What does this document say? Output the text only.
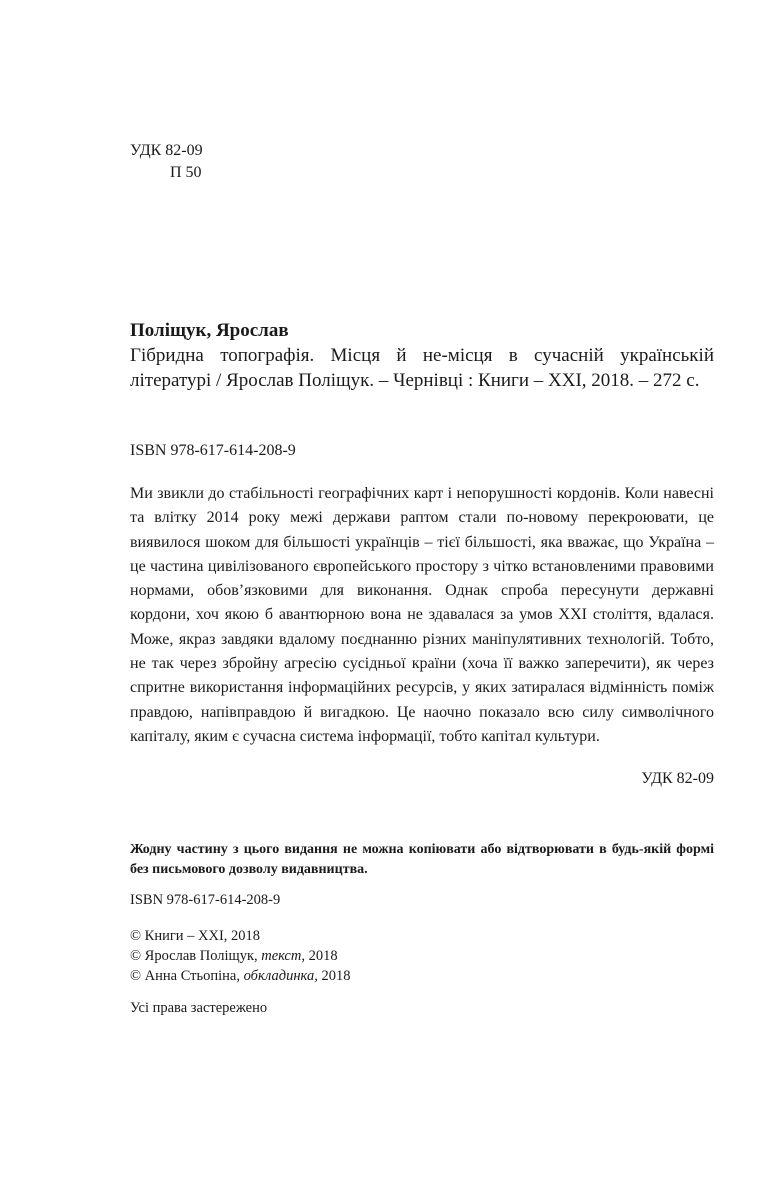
УДК 82-09
П 50
Поліщук, Ярослав
Гібридна топографія. Місця й не-місця в сучасній українській літературі / Ярослав Поліщук. – Чернівці : Книги – XXI, 2018. – 272 с.
ISBN 978-617-614-208-9
Ми звикли до стабільності географічних карт і непорушності кордонів. Коли навесні та влітку 2014 року межі держави раптом стали по-новому перекроювати, це виявилося шоком для більшості українців – тієї більшості, яка вважає, що Україна – це частина цивілізованого європейського простору з чітко встановленими правовими нормами, обов’язковими для виконання. Однак спроба пересунути державні кордони, хоч якою б авантюрною вона не здавалася за умов XXI століття, вдалася. Може, якраз завдяки вдалому поєднанню різних маніпулятивних технологій. Тобто, не так через збройну агресію сусідньої країни (хоча її важко заперечити), як через спритне використання інформаційних ресурсів, у яких затиралася відмінність поміж правдою, напівправдою й вигадкою. Це наочно показало всю силу символічного капіталу, яким є сучасна система інформації, тобто капітал культури.
УДК 82-09
Жодну частину з цього видання не можна копіювати або відтворювати в будь-якій формі без письмового дозволу видавництва.
ISBN 978-617-614-208-9
© Книги – XXI, 2018
© Ярослав Поліщук, текст, 2018
© Анна Стьопіна, обкладинка, 2018
Усі права застережено
